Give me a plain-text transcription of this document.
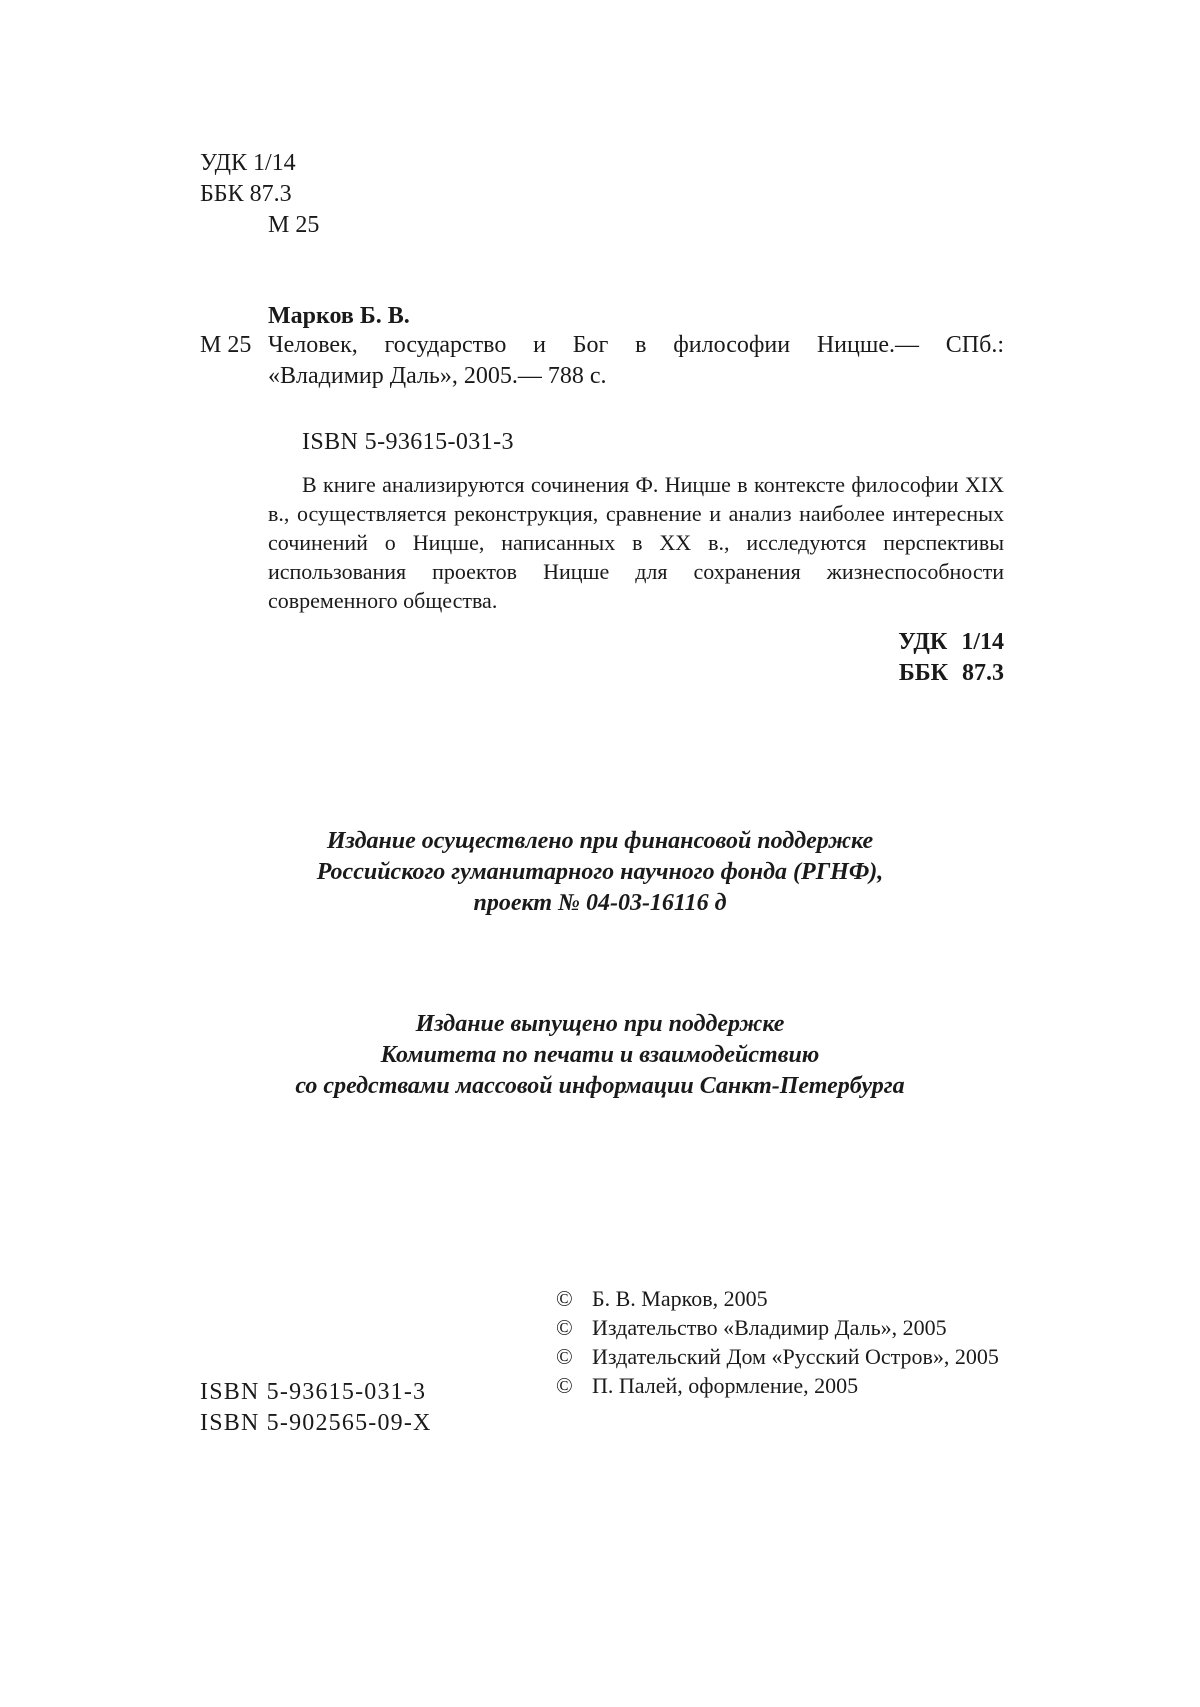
УДК 1/14
ББК 87.3
М 25
Марков Б. В.
М 25 Человек, государство и Бог в философии Ницше.— СПб.:
«Владимир Даль», 2005.— 788 с.
ISBN 5-93615-031-3
В книге анализируются сочинения Ф. Ницше в контексте философии XIX в., осуществляется реконструкция, сравнение и анализ наиболее интересных сочинений о Ницше, написанных в XX в., исследуются перспективы использования проектов Ницше для сохранения жизнеспособности современного общества.
УДК 1/14
ББК 87.3
Издание осуществлено при финансовой поддержке
Российского гуманитарного научного фонда (РГНФ),
проект № 04-03-16116 д
Издание выпущено при поддержке
Комитета по печати и взаимодействию
со средствами массовой информации Санкт-Петербурга
© Б. В. Марков, 2005
© Издательство «Владимир Даль», 2005
© Издательский Дом «Русский Остров», 2005
© П. Палей, оформление, 2005
ISBN 5-93615-031-3
ISBN 5-902565-09-X
